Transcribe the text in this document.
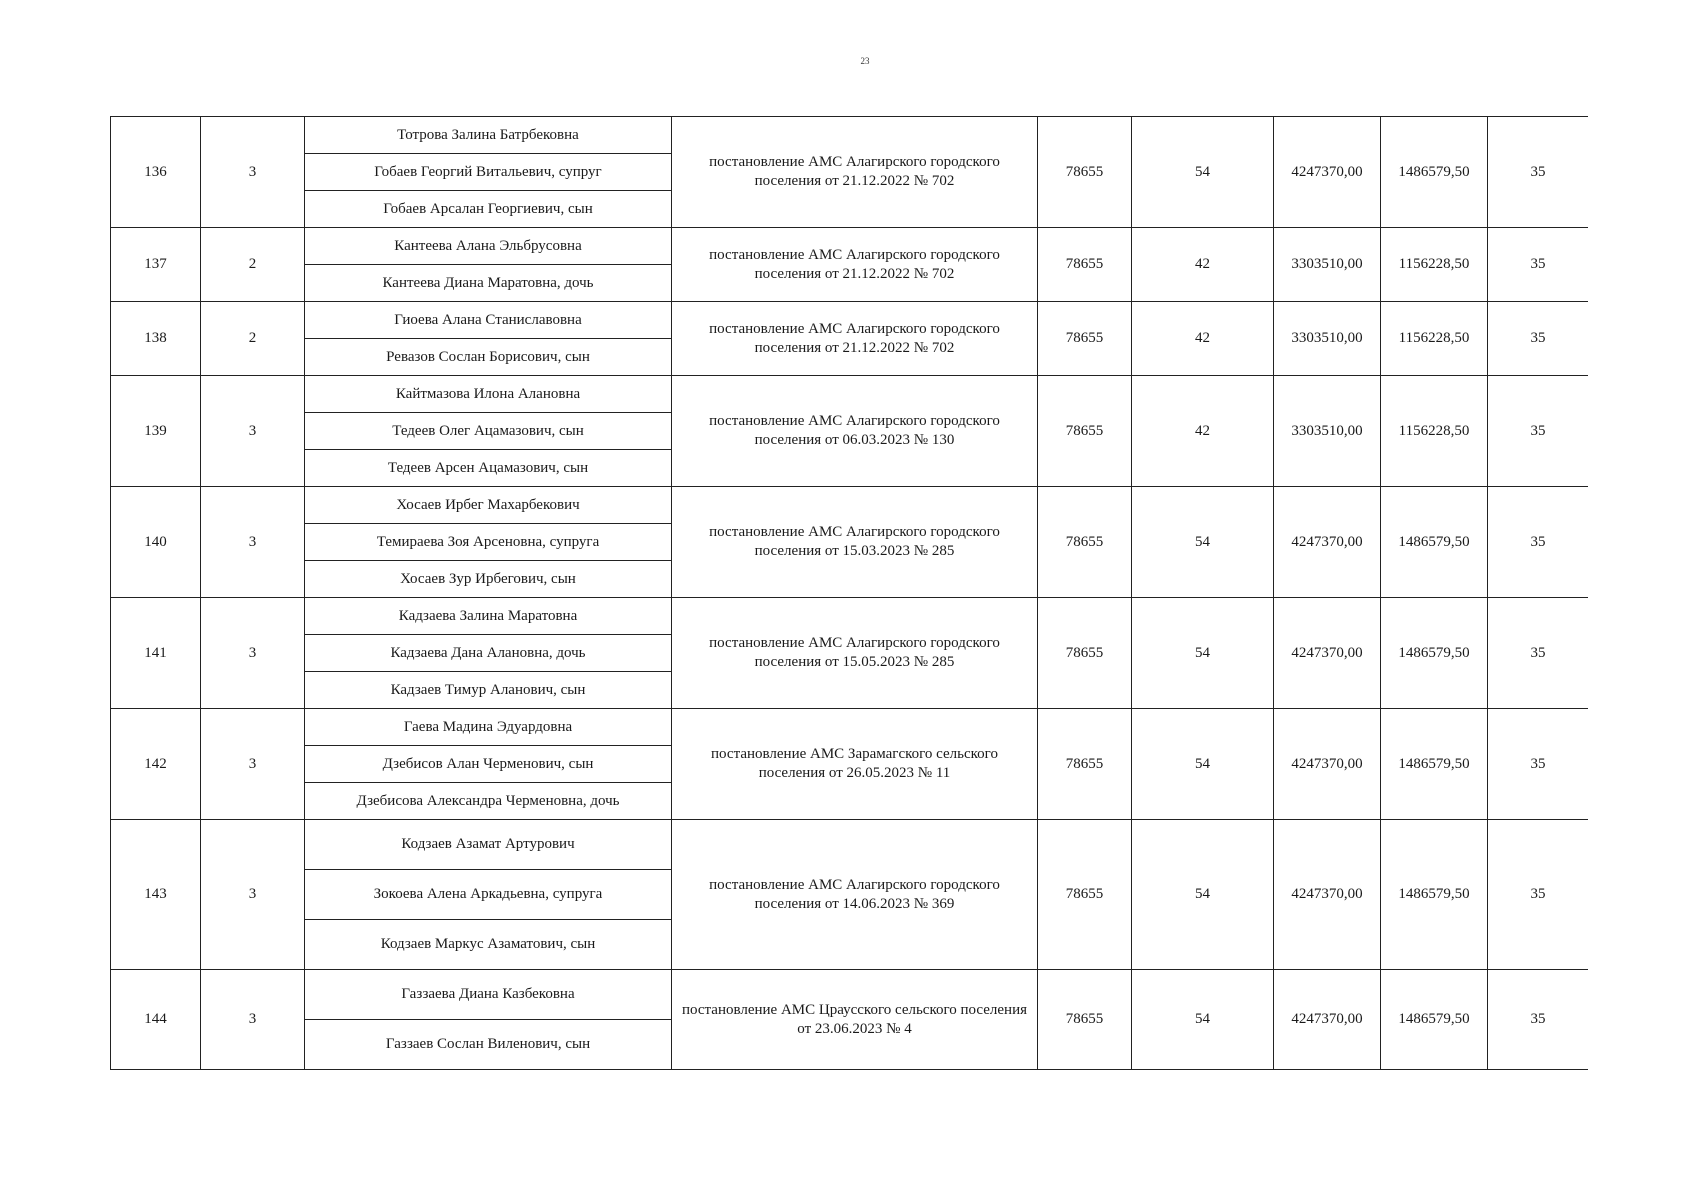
23
136	3	Тотрова Залина Батрбековна	постановление АМС Алагирского городского поселения от 21.12.2022 № 702	78655	54	4247370,00	1486579,50	35
		Гобаев Георгий Витальевич, супруг						
		Гобаев Арсалан Георгиевич, сын						
137	2	Кантеева Алана Эльбрусовна	постановление АМС Алагирского городского поселения от 21.12.2022 № 702	78655	42	3303510,00	1156228,50	35
		Кантеева Диана Маратовна, дочь						
138	2	Гиоева Алана Станиславовна	постановление АМС Алагирского городского поселения от 21.12.2022 № 702	78655	42	3303510,00	1156228,50	35
		Ревазов Сослан Борисович, сын						
139	3	Кайтмазова Илона Алановна	постановление АМС Алагирского городского поселения от 06.03.2023 № 130	78655	42	3303510,00	1156228,50	35
		Тедеев Олег Ацамазович, сын						
		Тедеев Арсен Ацамазович, сын						
140	3	Хосаев Ирбег Махарбекович	постановление АМС Алагирского городского поселения от 15.03.2023 № 285	78655	54	4247370,00	1486579,50	35
		Темираева Зоя Арсеновна, супруга						
		Хосаев Зур Ирбегович, сын						
141	3	Кадзаева Залина Маратовна	постановление АМС Алагирского городского поселения от 15.05.2023 № 285	78655	54	4247370,00	1486579,50	35
		Кадзаева Дана Алановна, дочь						
		Кадзаев Тимур Аланович, сын						
142	3	Гаева Мадина Эдуардовна	постановление АМС Зарамагского сельского поселения от 26.05.2023 № 11	78655	54	4247370,00	1486579,50	35
		Дзебисов Алан Черменович, сын						
		Дзебисова Александра Черменовна, дочь						
143	3	Кодзаев Азамат Артурович	постановление АМС Алагирского городского поселения от 14.06.2023 № 369	78655	54	4247370,00	1486579,50	35
		Зокоева Алена Аркадьевна, супруга						
		Кодзаев Маркус Азаматович, сын						
144	3	Газзаева Диана Казбековна	постановление АМС Цраусского сельского поселения от 23.06.2023 № 4	78655	54	4247370,00	1486579,50	35
		Газзаев Сослан Виленович, сын						
